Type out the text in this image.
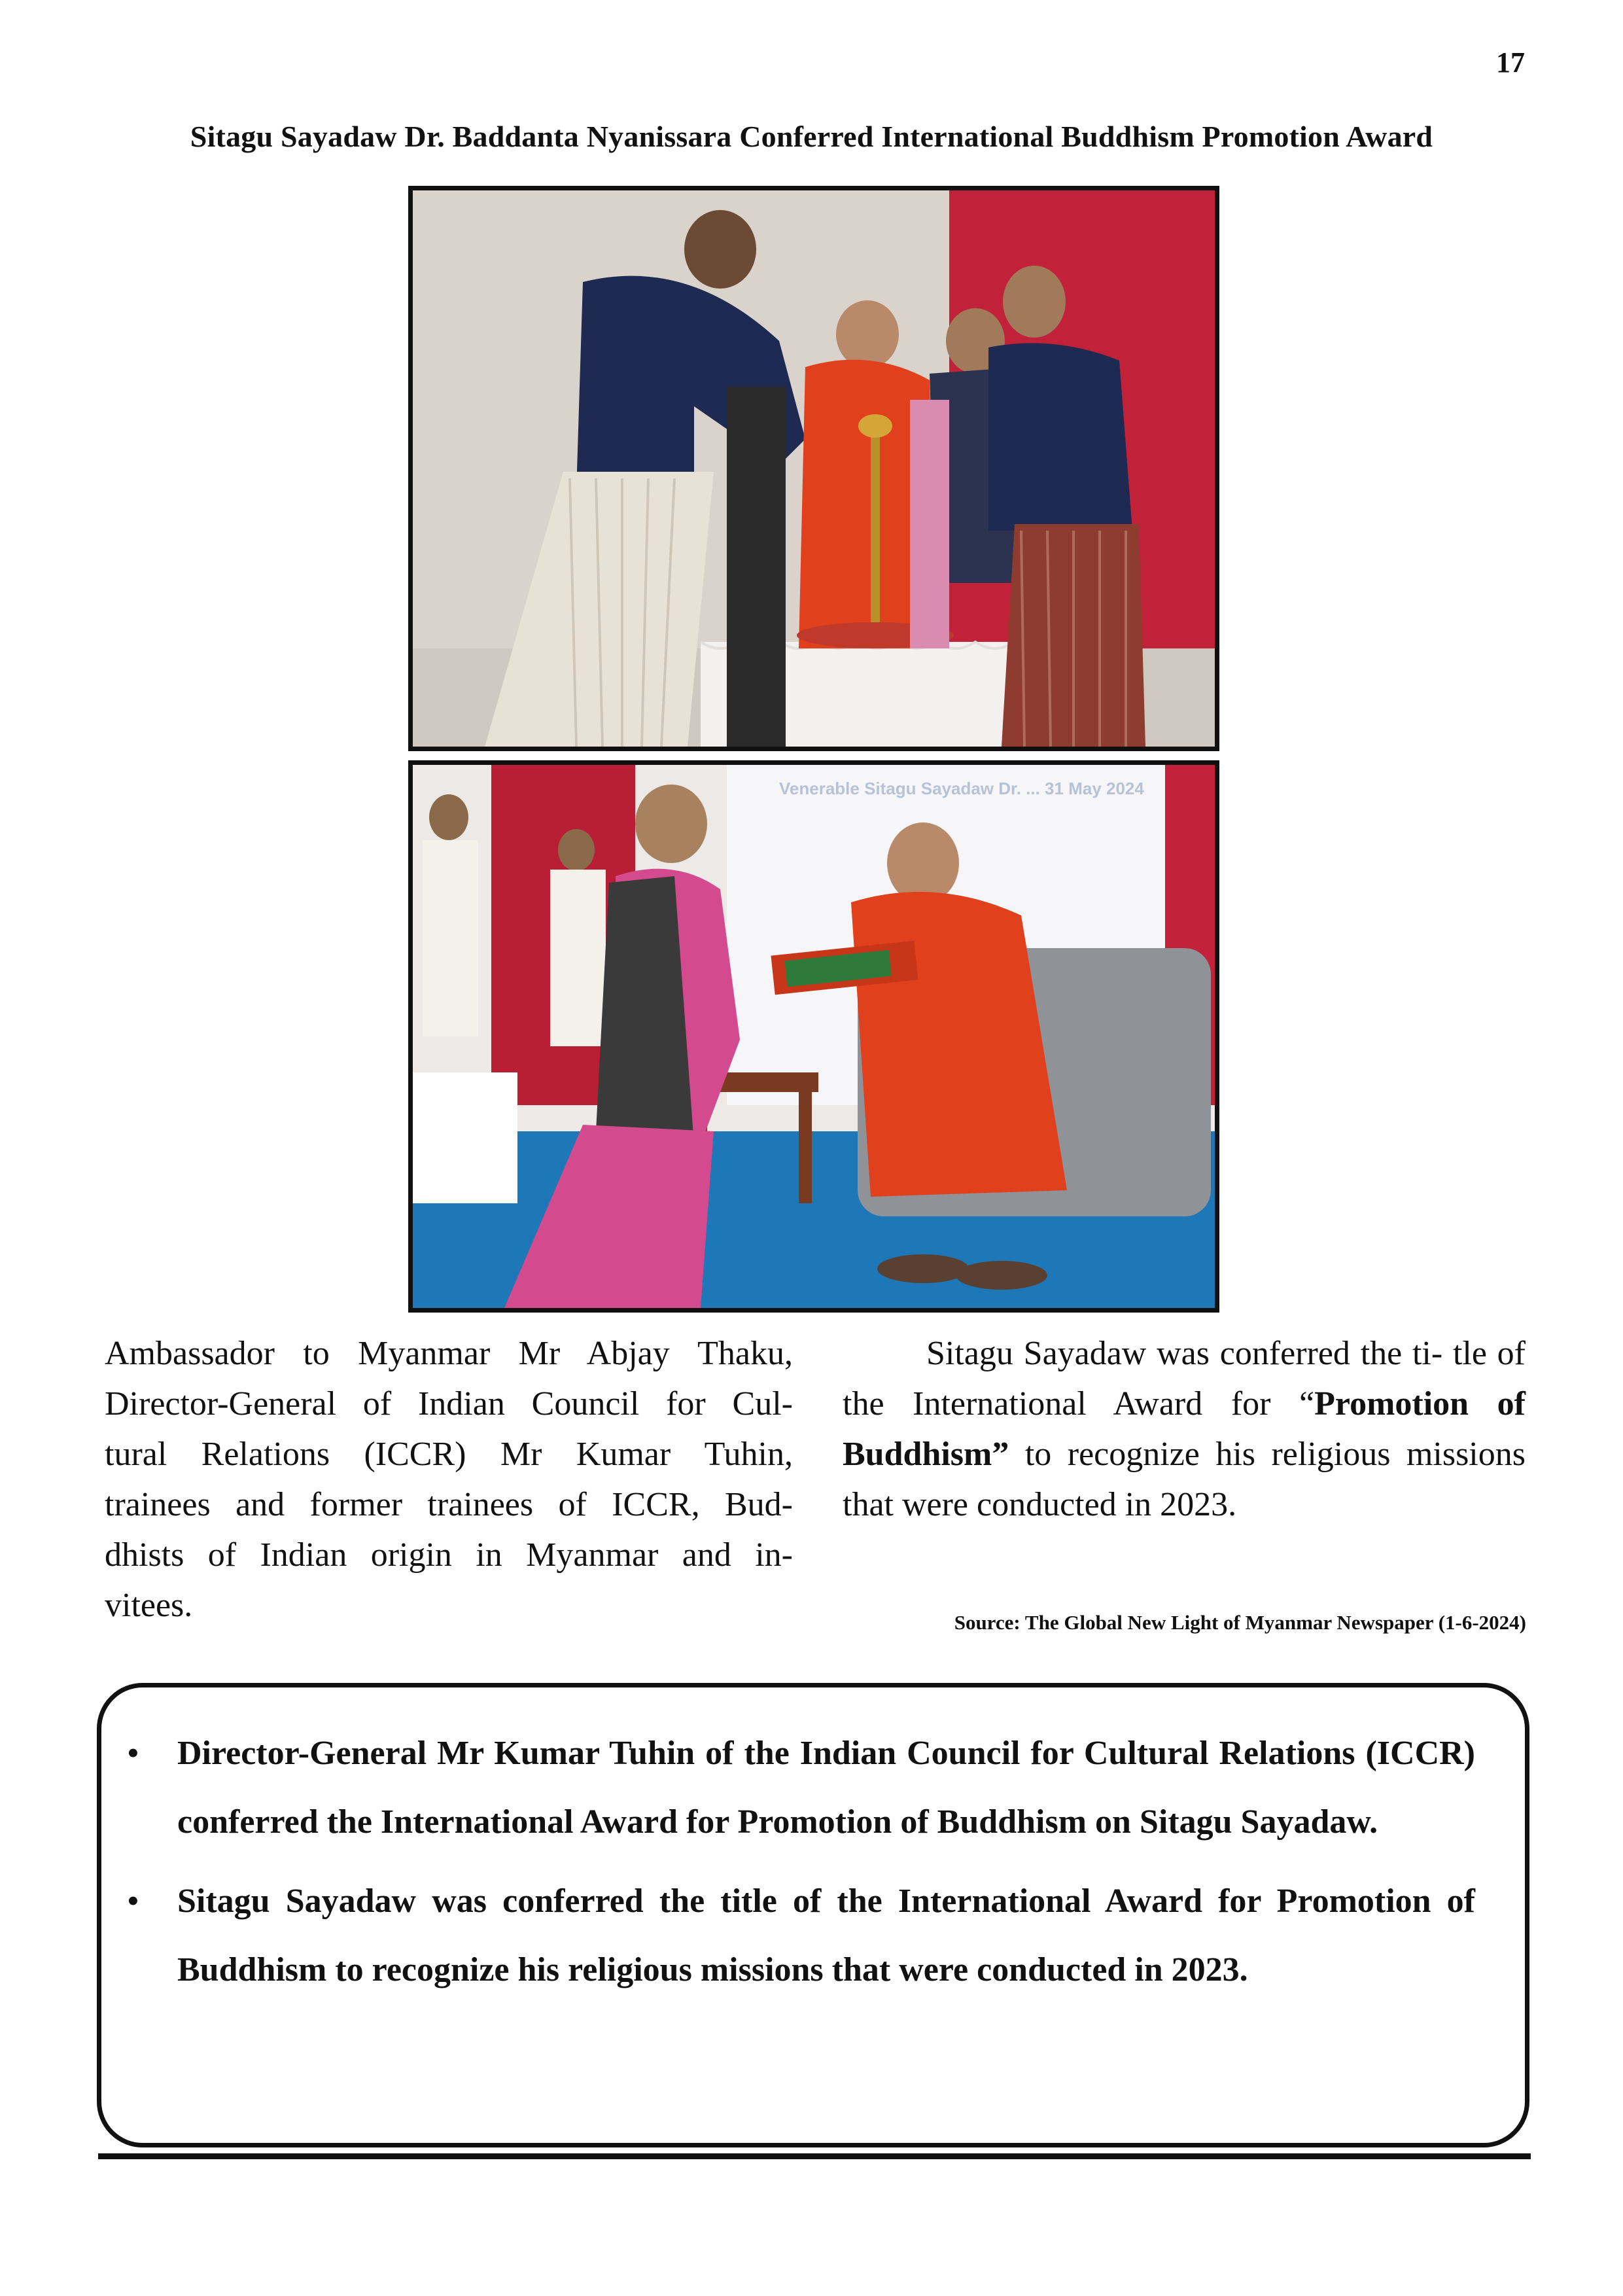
17
Sitagu Sayadaw Dr. Baddanta Nyanissara Conferred International Buddhism Promotion Award
Venerable Sitagu Sayadaw Dr. ... 31 May 2024
Ambassador to Myanmar Mr Abjay Thaku,
Director-General of Indian Council for Cul-
tural Relations (ICCR) Mr Kumar Tuhin,
trainees and former trainees of ICCR, Bud-
dhists of Indian origin in Myanmar and in-
vitees.
Sitagu Sayadaw was conferred the ti- tle of the International Award for “Promotion of Buddhism” to recognize his religious missions that were conducted in 2023.
Source: The Global New Light of Myanmar Newspaper (1-6-2024)
• Director-General Mr Kumar Tuhin of the Indian Council for Cultural Relations (ICCR) conferred the International Award for Promotion of Buddhism on Sitagu Sayadaw.
• Sitagu Sayadaw was conferred the title of the International Award for Promotion of Buddhism to recognize his religious missions that were conducted in 2023.
